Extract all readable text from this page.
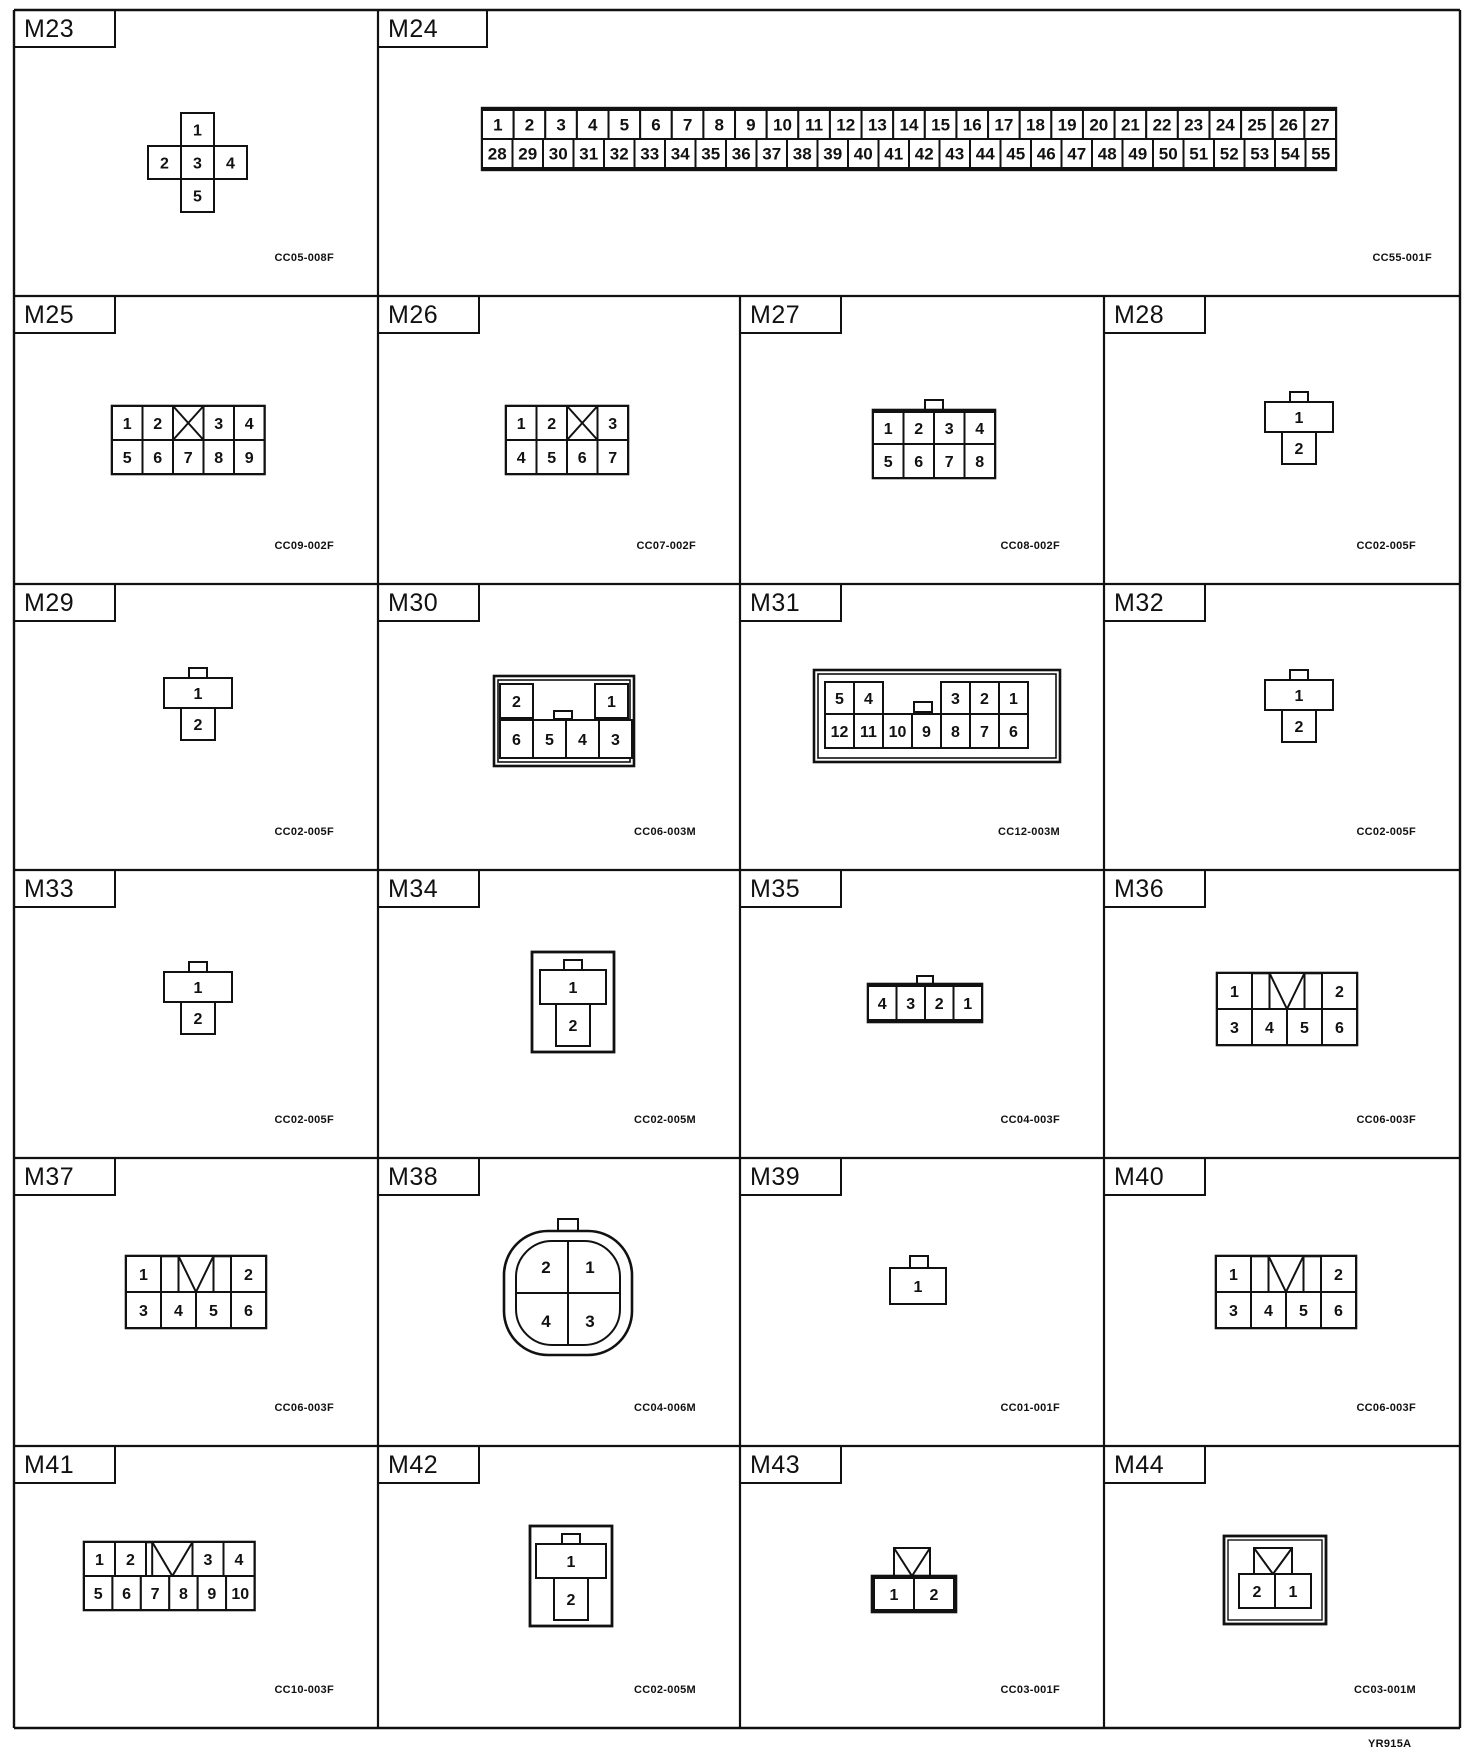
M23
1
2 3 4
5
CC05-008F
M24
1 2 3 4 5 6 7 8 9 10 11 12 13 14 15 16 17 18 19 20 21 22 23 24 25 26 27
28 29 30 31 32 33 34 35 36 37 38 39 40 41 42 43 44 45 46 47 48 49 50 51 52 53 54 55
CC55-001F
M25
1 2	3 4
5 6 7 8 9
CC09-002F
M26
1 2	3
4 5 6 7
CC07-002F
M27
1 2 3 4
5 6 7 8
CC08-002F
M28
1
2
CC02-005F
M29
1
2
CC02-005F
M30
2	1
6 5 4 3
CC06-003M
M31
5 4	3 2 1
12 11 10 9 8 7 6
CC12-003M
M32
1
2
CC02-005F
M33
1
2
CC02-005F
M34
1
2
CC02-005M
M35
4 3 2 1
CC04-003F
M36
1	2
3 4 5 6
CC06-003F
M37
1	2
3 4 5 6
CC06-003F
M38
2 1
4 3
CC04-006M
M39
1
CC01-001F
M40
1	2
3 4 5 6
CC06-003F
M41
1 2	3 4
5 6 7 8 9 10
CC10-003F
M42
1
2
CC02-005M
M43
1 2
CC03-001F
M44
2 1
CC03-001M
YR915A
